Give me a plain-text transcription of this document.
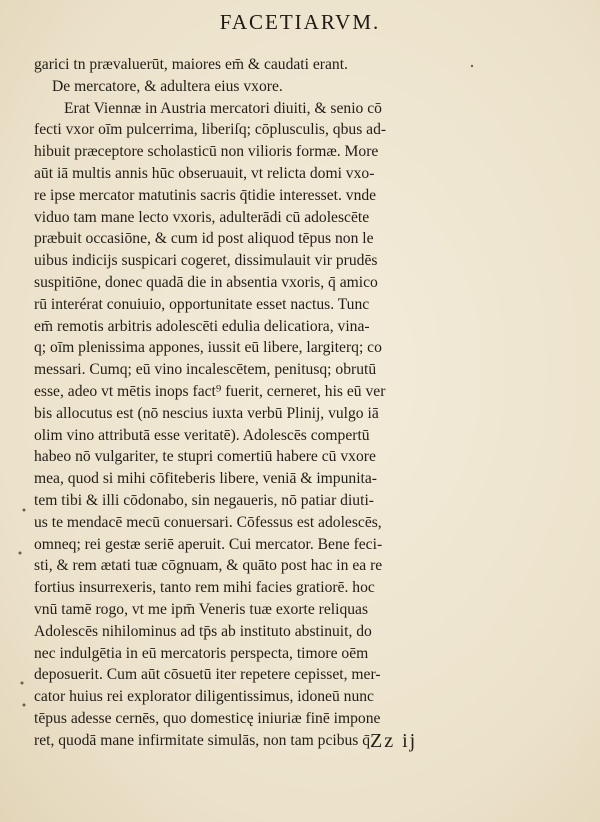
FACETIARVM.
garici tn prævaluerūt, maiores em̄ & caudati erant.
De mercatore, & adultera eius vxore.
Erat Viennæ in Austria mercatori diuiti, & senio cō
fecti vxor oīm pulcerrima, liberiſq; cōplusculis, qbus ad-
hibuit præceptore scholasticū non vilioris formæ. More
aūt iā multis annis hūc obseruauit, vt relicta domi vxo-
re ipse mercator matutinis sacris q̄tidie interesset. vnde
viduo tam mane lecto vxoris, adulterādi cū adolescēte
præbuit occasiōne, & cum id post aliquod tēpus non le
uibus indicijs suspicari cogeret, dissimulauit vir prudēs
suspitiōne, donec quadā die in absentia vxoris, q̄ amico
rū interérat conuiuio, opportunitate esset nactus. Tunc
em̄ remotis arbitris adolescēti edulia delicatiora, vina-
q; oīm plenissima appones, iussit eū libere, largiterq; co
messari. Cumq; eū vino incalescētem, penitusq; obrutū
esse, adeo vt mētis inops fact⁹ fuerit, cerneret, his eū ver
bis allocutus est (nō nescius iuxta verbū Plinij, vulgo iā
olim vino attributā esse veritatē). Adolescēs compertū
habeo nō vulgariter, te stupri comertiū habere cū vxore
mea, quod si mihi cōfiteberis libere, veniā & impunita-
tem tibi & illi cōdonabo, sin negaueris, nō patiar diuti-
us te mendacē mecū conuersari. Cōfessus est adolescēs,
omneq; rei gestæ seriē aperuit. Cui mercator. Bene feci-
sti, & rem ætati tuæ cōgnuam, & quāto post hac in ea re
fortius insurrexeris, tanto rem mihi facies gratiorē. hoc
vnū tamē rogo, vt me ipm̄ Veneris tuæ exorte reliquas
Adolescēs nihilominus ad tp̄s ab instituto abstinuit, do
nec indulgētia in eū mercatoris perspecta, timore oēm
deposuerit. Cum aūt cōsuetū iter repetere cepisset, mer-
cator huius rei explorator diligentissimus, idoneū nunc
tēpus adesse cernēs, quo domesticę iniuriæ finē impone
ret, quodā mane infirmitate simulās, non tam pcibus q̄ Zz ij
